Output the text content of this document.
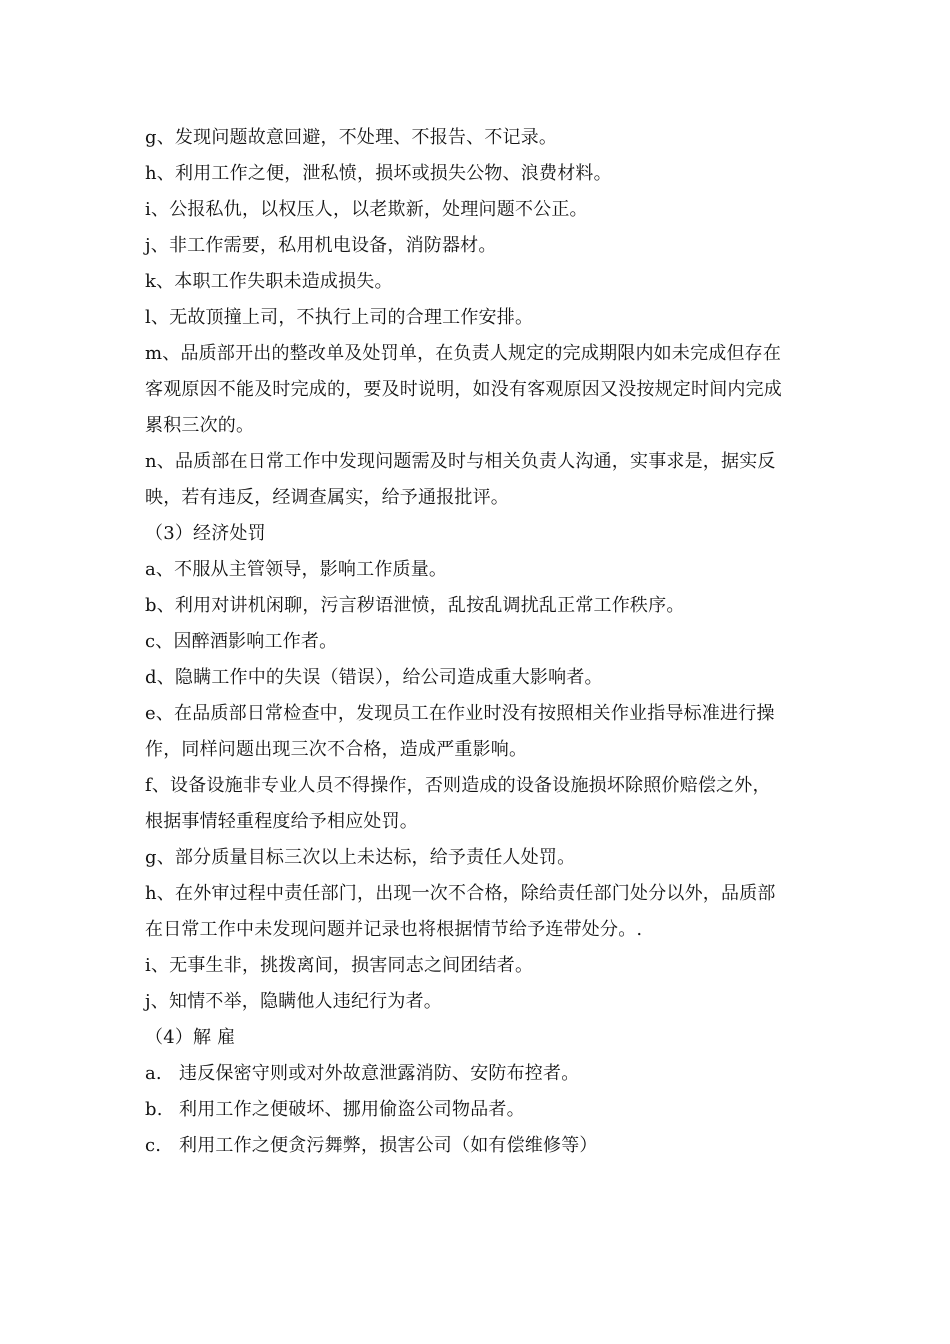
g、发现问题故意回避，不处理、不报告、不记录。
h、利用工作之便，泄私愤，损坏或损失公物、浪费材料。
i、公报私仇，以权压人，以老欺新，处理问题不公正。
j、非工作需要，私用机电设备，消防器材。
k、本职工作失职未造成损失。
l、无故顶撞上司，不执行上司的合理工作安排。
m、品质部开出的整改单及处罚单，在负责人规定的完成期限内如未完成但存在
客观原因不能及时完成的，要及时说明，如没有客观原因又没按规定时间内完成
累积三次的。
n、品质部在日常工作中发现问题需及时与相关负责人沟通，实事求是，据实反
映，若有违反，经调查属实，给予通报批评。
（3）经济处罚
a、不服从主管领导，影响工作质量。
b、利用对讲机闲聊，污言秽语泄愤，乱按乱调扰乱正常工作秩序。
c、因醉酒影响工作者。
d、隐瞒工作中的失误（错误），给公司造成重大影响者。
e、在品质部日常检查中，发现员工在作业时没有按照相关作业指导标准进行操
作，同样问题出现三次不合格，造成严重影响。
f、设备设施非专业人员不得操作，否则造成的设备设施损坏除照价赔偿之外，
根据事情轻重程度给予相应处罚。
g、部分质量目标三次以上未达标，给予责任人处罚。
h、在外审过程中责任部门，出现一次不合格，除给责任部门处分以外，品质部
在日常工作中未发现问题并记录也将根据情节给予连带处分。.
i、无事生非，挑拨离间，损害同志之间团结者。
j、知情不举，隐瞒他人违纪行为者。
（4）解 雇
a. 违反保密守则或对外故意泄露消防、安防布控者。
b. 利用工作之便破坏、挪用偷盗公司物品者。
c. 利用工作之便贪污舞弊，损害公司（如有偿维修等）
